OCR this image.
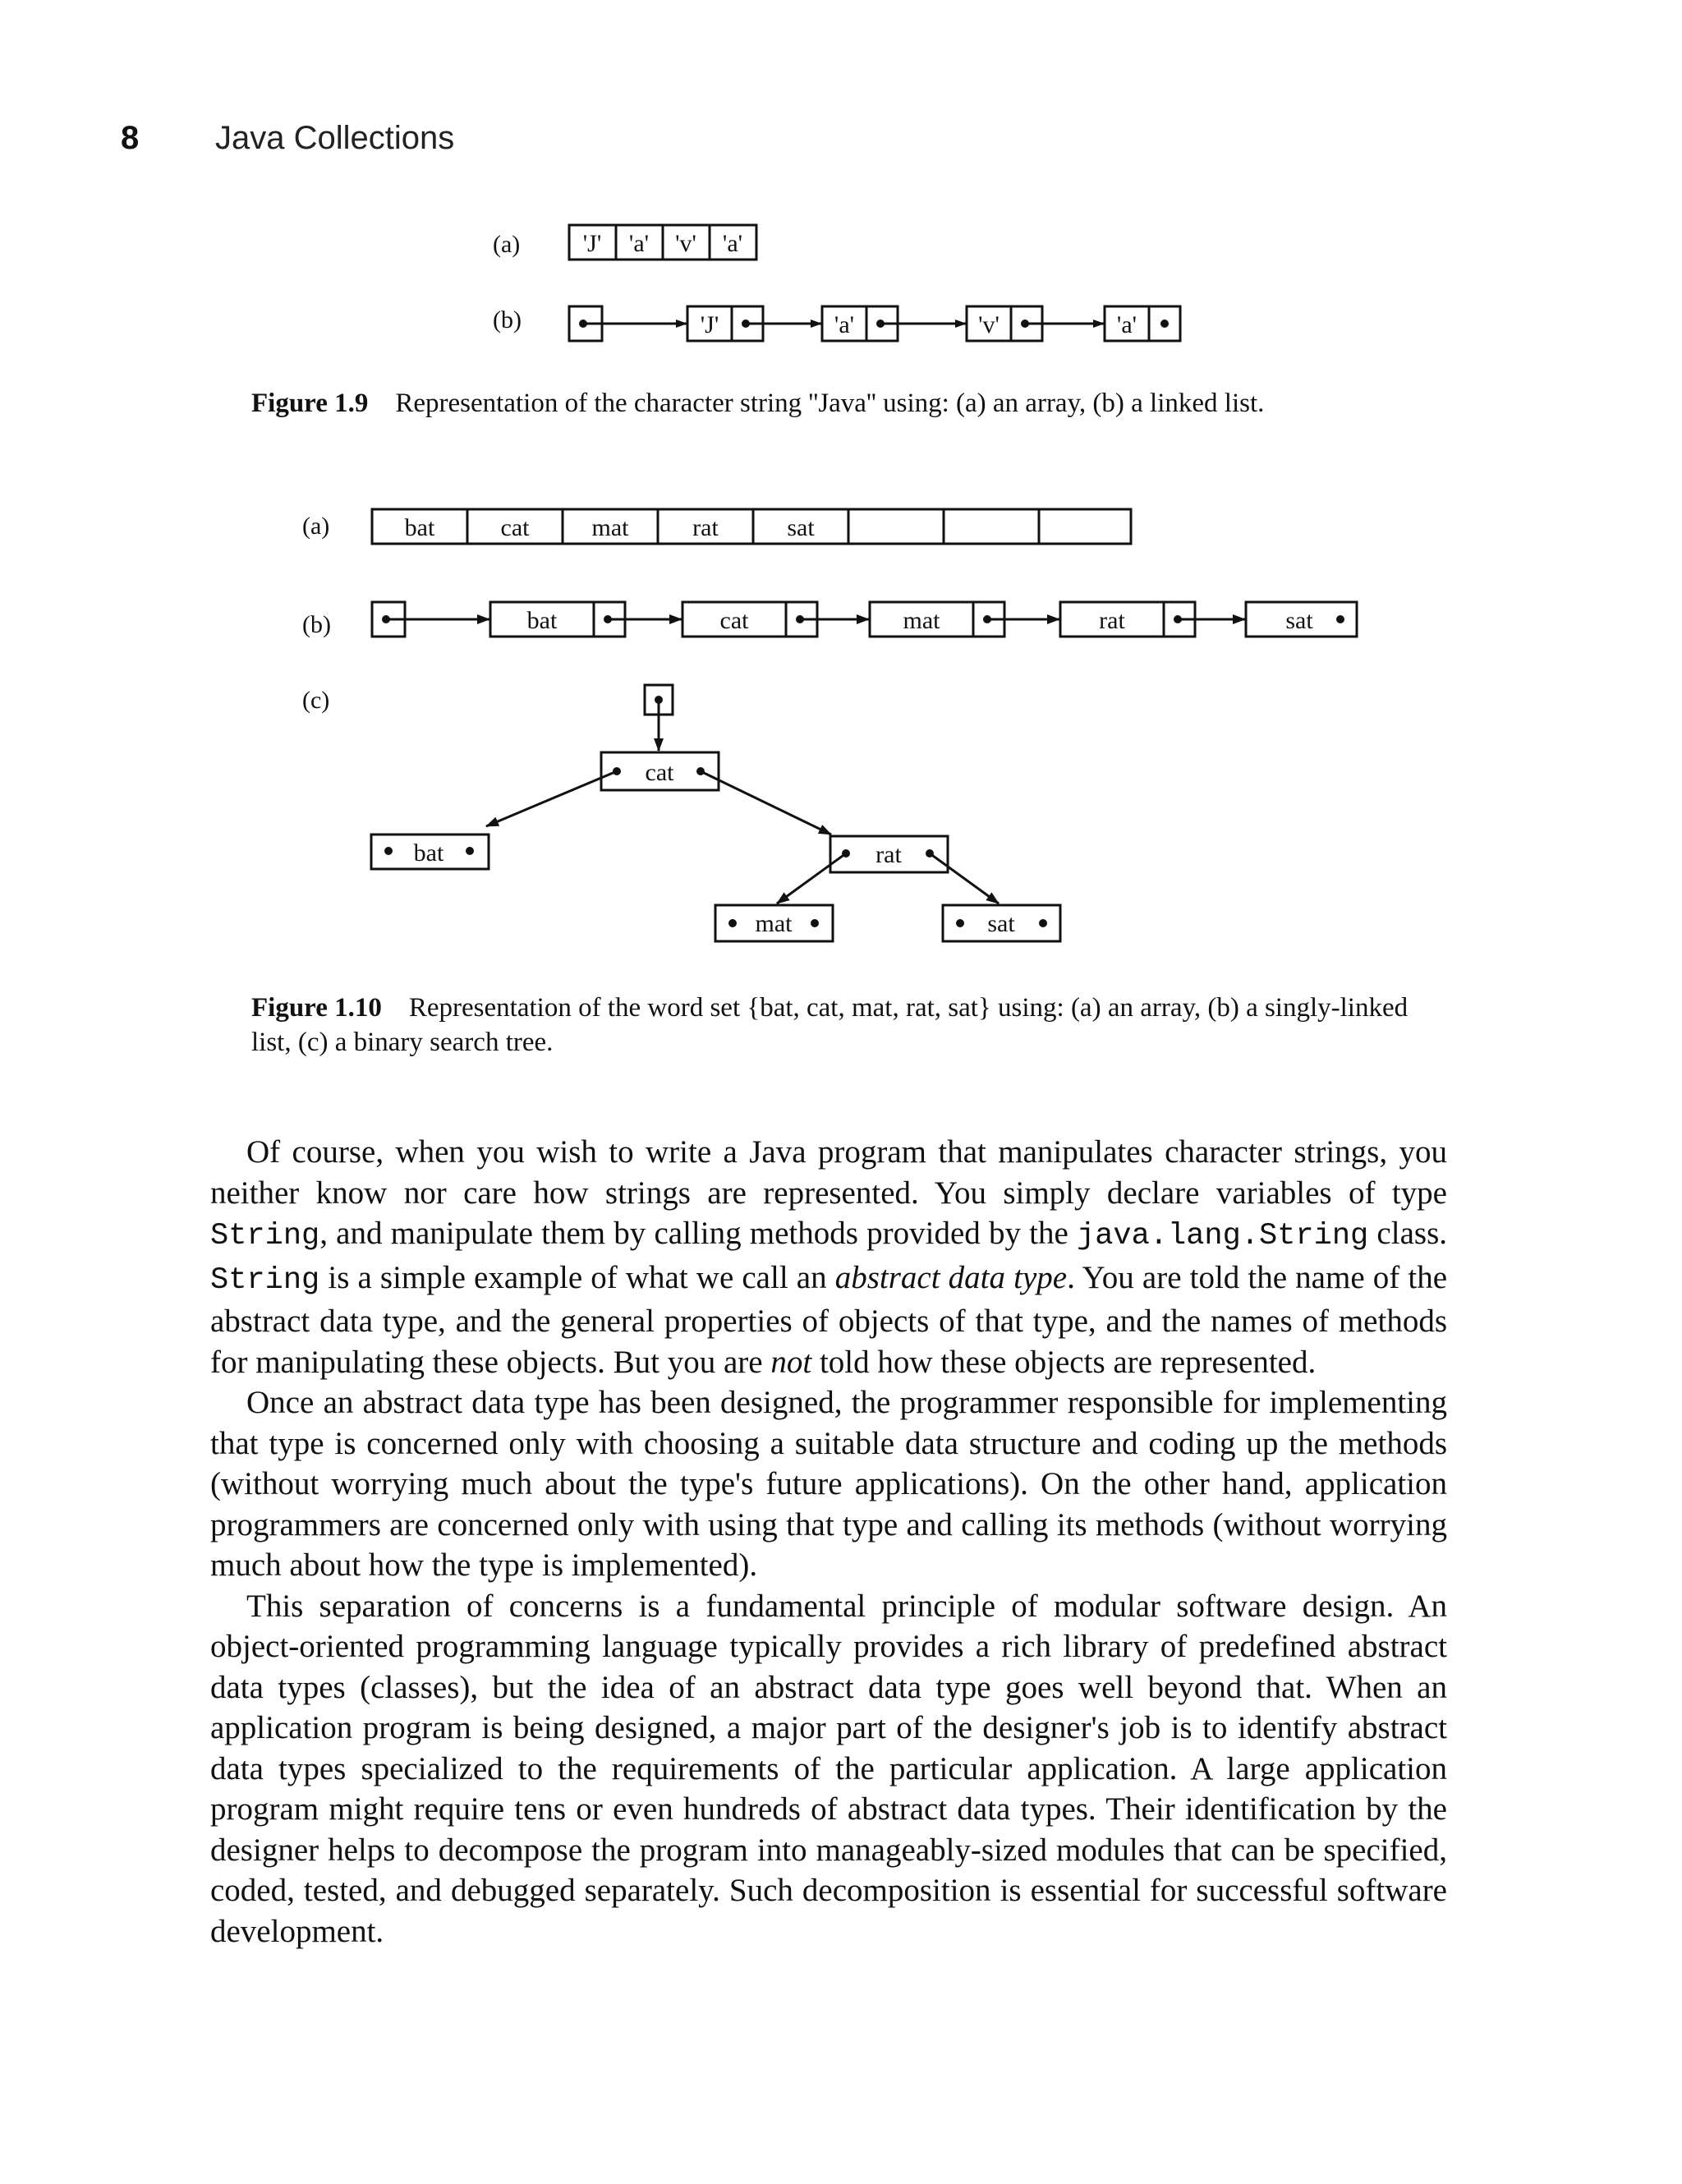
8 Java Collections
(a)
(b)
'J' 'a' 'v' 'a'
'J'	'a'	'v'	'a'
Figure 1.9 Representation of the character string ''Java'' using: (a) an array, (b) a linked list.
(a)
(b)
(c)
bat	cat	mat	rat	sat
bat	cat	mat	rat	sat
cat
bat	rat
mat	sat
Figure 1.10 Representation of the word set {bat, cat, mat, rat, sat} using: (a) an array, (b) a singly-linked list, (c) a binary search tree.

Of course, when you wish to write a Java program that manipulates character strings, you neither know nor care how strings are represented. You simply declare variables of type String, and manipulate them by calling methods provided by the java.lang.String class. String is a simple example of what we call an abstract data type. You are told the name of the abstract data type, and the general properties of objects of that type, and the names of methods for manipulating these objects. But you are not told how these objects are represented.

Once an abstract data type has been designed, the programmer responsible for implementing that type is concerned only with choosing a suitable data structure and coding up the methods (without worrying much about the type's future applications). On the other hand, application programmers are concerned only with using that type and calling its methods (without worrying much about how the type is implemented).

This separation of concerns is a fundamental principle of modular software design. An object-oriented programming language typically provides a rich library of predefined abstract data types (classes), but the idea of an abstract data type goes well beyond that. When an application program is being designed, a major part of the designer's job is to identify abstract data types specialized to the requirements of the particular application. A large application program might require tens or even hundreds of abstract data types. Their identification by the designer helps to decompose the program into manageably-sized modules that can be specified, coded, tested, and debugged separately. Such decomposition is essential for successful software development.
